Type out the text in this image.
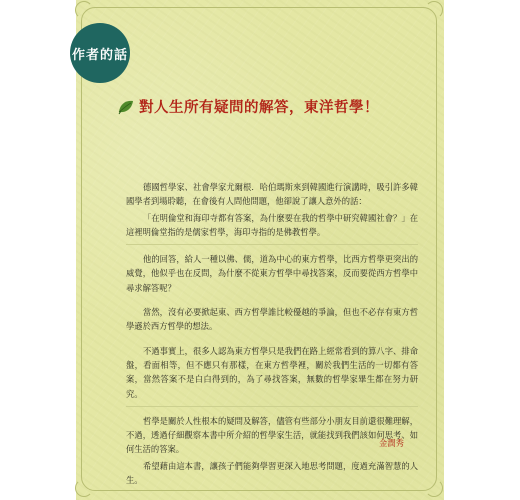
作者的話
對人生所有疑問的解答，東洋哲學！

德國哲學家、社會學家尤爾根．哈伯瑪斯來到韓國進行演講時，吸引許多韓國學者到場聆聽，在會後有人問他問題，他卻說了讓人意外的話：

「在明倫堂和海印寺都有答案，為什麼要在我的哲學中研究韓國社會？」在這裡明倫堂指的是儒家哲學，海印寺指的是佛教哲學。

他的回答，給人一種以佛、儒，道為中心的東方哲學，比西方哲學更突出的威覺，他似乎也在反問，為什麼不從東方哲學中尋找答案，反而要從西方哲學中尋求解答呢？

當然，沒有必要掀起東、西方哲學誰比較優越的爭論，但也不必存有東方哲學遜於西方哲學的想法。

不過事實上，很多人認為東方哲學只是我們在路上經常看到的算八字、排命盤，看面相等，但不應只有那樣，在東方哲學裡，關於我們生活的一切都有答案，當然答案不是白白得到的，為了尋找答案，無數的哲學家畢生都在努力研究。

哲學是關於人性根本的疑問及解答，儘管有些部分小朋友目前還很難理解，不過，透過仔細觀察本書中所介紹的哲學家生活，就能找到我們該如何思考、如何生活的答案。

希望藉由這本書，讓孩子們能夠學習更深入地思考問題，度過充滿智慧的人生。

金潤秀
